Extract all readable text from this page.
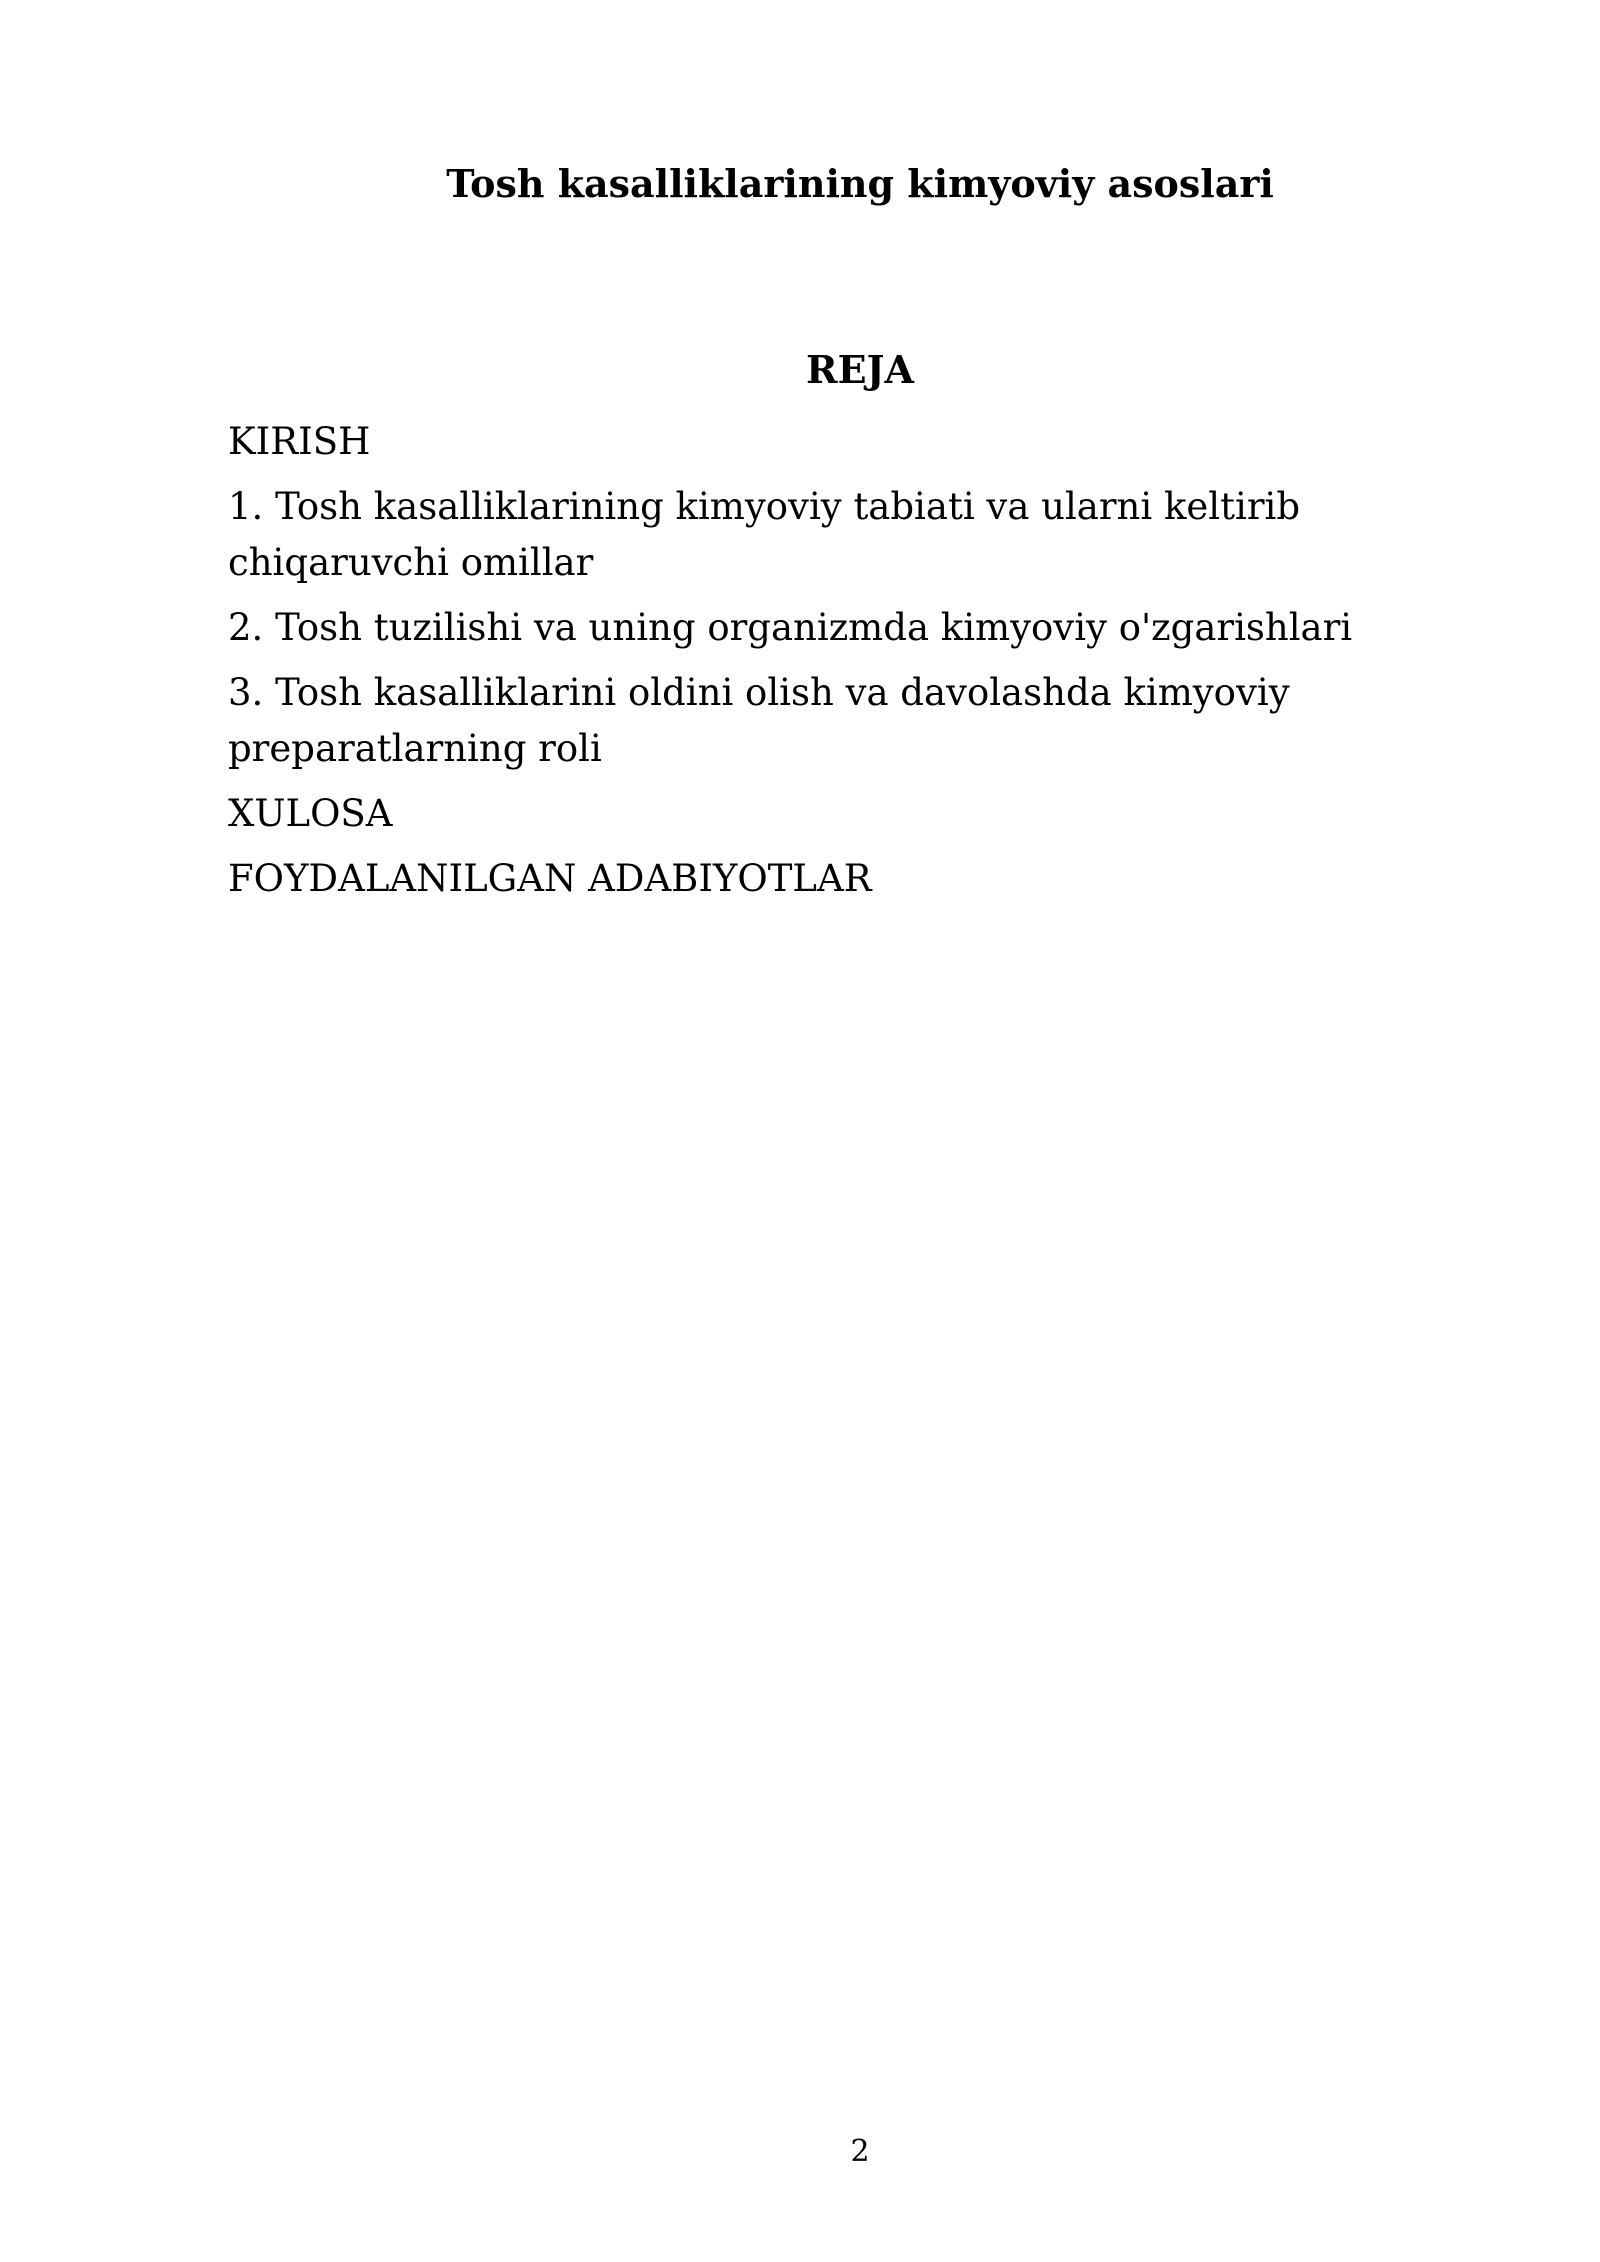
Tosh kasalliklarining kimyoviy asoslari
REJA
KIRISH
1. Tosh kasalliklarining kimyoviy tabiati va ularni keltirib chiqaruvchi omillar
2. Tosh tuzilishi va uning organizmda kimyoviy o'zgarishlari
3. Tosh kasalliklarini oldini olish va davolashda kimyoviy preparatlarning roli
XULOSA
FOYDALANILGAN ADABIYOTLAR
2
